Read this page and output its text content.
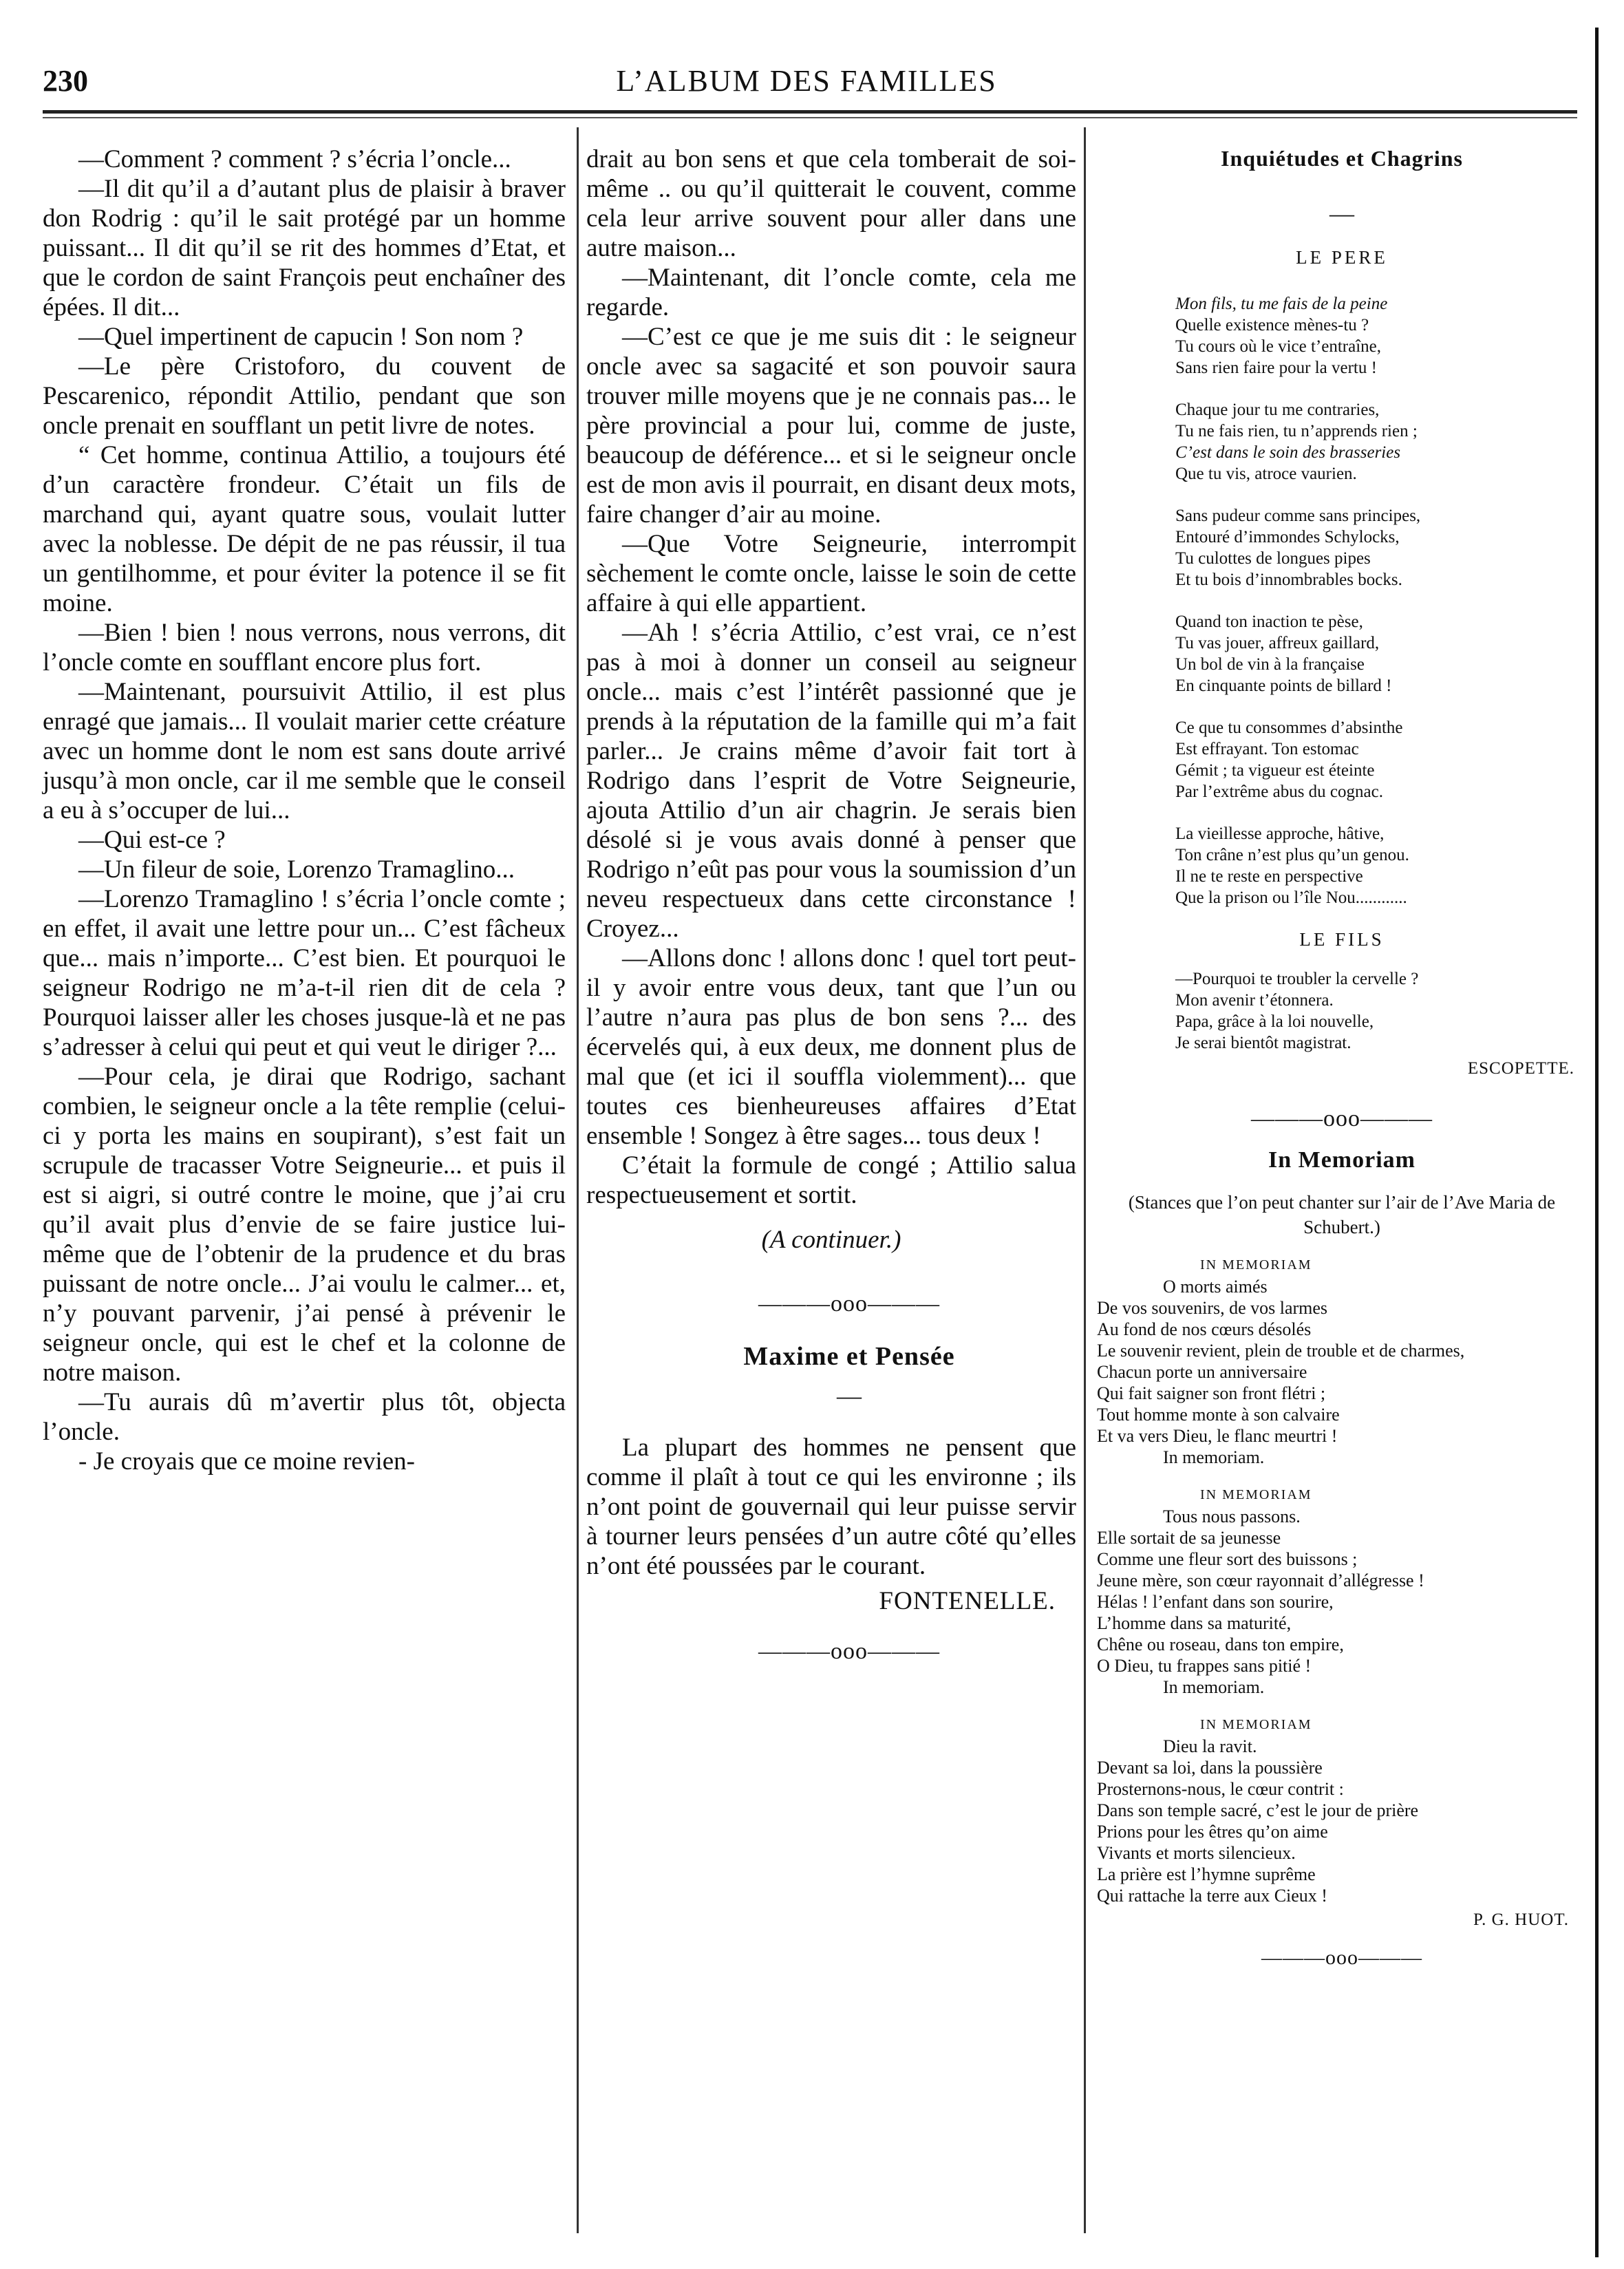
230	L’ALBUM DES FAMILLES

—Comment ? comment ? s’écria l’oncle...

—Il dit qu’il a d’autant plus de plaisir à braver don Rodrig : qu’il le sait protégé par un homme puissant... Il dit qu’il se rit des hommes d’Etat, et que le cordon de saint François peut enchaîner des épées. Il dit...

—Quel impertinent de capucin ! Son nom ?

—Le père Cristoforo, du couvent de Pescarenico, répondit Attilio, pendant que son oncle prenait en soufflant un petit livre de notes.

“ Cet homme, continua Attilio, a toujours été d’un caractère frondeur. C’était un fils de marchand qui, ayant quatre sous, voulait lutter avec la noblesse. De dépit de ne pas réussir, il tua un gentilhomme, et pour éviter la potence il se fit moine.

—Bien ! bien ! nous verrons, nous verrons, dit l’oncle comte en soufflant encore plus fort.

—Maintenant, poursuivit Attilio, il est plus enragé que jamais... Il voulait marier cette créature avec un homme dont le nom est sans doute arrivé jusqu’à mon oncle, car il me semble que le conseil a eu à s’occuper de lui...

—Qui est-ce ?

—Un fileur de soie, Lorenzo Tramaglino...

—Lorenzo Tramaglino ! s’écria l’oncle comte ; en effet, il avait une lettre pour un... C’est fâcheux que... mais n’importe... C’est bien. Et pourquoi le seigneur Rodrigo ne m’a-t-il rien dit de cela ? Pourquoi laisser aller les choses jusque-là et ne pas s’adresser à celui qui peut et qui veut le diriger ?...

—Pour cela, je dirai que Rodrigo, sachant combien, le seigneur oncle a la tête remplie (celui-ci y porta les mains en soupirant), s’est fait un scrupule de tracasser Votre Seigneurie... et puis il est si aigri, si outré contre le moine, que j’ai cru qu’il avait plus d’envie de se faire justice lui-même que de l’obtenir de la prudence et du bras puissant de notre oncle... J’ai voulu le calmer... et, n’y pouvant parvenir, j’ai pensé à prévenir le seigneur oncle, qui est le chef et la colonne de notre maison.

—Tu aurais dû m’avertir plus tôt, objecta l’oncle.

- Je croyais que ce moine revien-

drait au bon sens et que cela tomberait de soi-même .. ou qu’il quitterait le couvent, comme cela leur arrive souvent pour aller dans une autre maison...

—Maintenant, dit l’oncle comte, cela me regarde.

—C’est ce que je me suis dit : le seigneur oncle avec sa sagacité et son pouvoir saura trouver mille moyens que je ne connais pas... le père provincial a pour lui, comme de juste, beaucoup de déférence... et si le seigneur oncle est de mon avis il pourrait, en disant deux mots, faire changer d’air au moine.

—Que Votre Seigneurie, interrompit sèchement le comte oncle, laisse le soin de cette affaire à qui elle appartient.

—Ah ! s’écria Attilio, c’est vrai, ce n’est pas à moi à donner un conseil au seigneur oncle... mais c’est l’intérêt passionné que je prends à la réputation de la famille qui m’a fait parler... Je crains même d’avoir fait tort à Rodrigo dans l’esprit de Votre Seigneurie, ajouta Attilio d’un air chagrin. Je serais bien désolé si je vous avais donné à penser que Rodrigo n’eût pas pour vous la soumission d’un neveu respectueux dans cette circonstance ! Croyez...

—Allons donc ! allons donc ! quel tort peut-il y avoir entre vous deux, tant que l’un ou l’autre n’aura pas plus de bon sens ?... des écervelés qui, à eux deux, me donnent plus de mal que (et ici il souffla violemment)... que toutes ces bienheureuses affaires d’Etat ensemble ! Songez à être sages... tous deux !

C’était la formule de congé ; Attilio salua respectueusement et sortit.

(A continuer.)

———ooo———

Maxime et Pensée

—

La plupart des hommes ne pensent que comme il plaît à tout ce qui les environne ; ils n’ont point de gouvernail qui leur puisse servir à tourner leurs pensées d’un autre côté qu’elles n’ont été poussées par le courant.

FONTENELLE.

———ooo———

Inquiétudes et Chagrins

—

LE PERE

Mon fils, tu me fais de la peine
Quelle existence mènes-tu ?
Tu cours où le vice t’entraîne,
Sans rien faire pour la vertu !
Chaque jour tu me contraries,
Tu ne fais rien, tu n’apprends rien ;
C’est dans le soin des brasseries
Que tu vis, atroce vaurien.
Sans pudeur comme sans principes,
Entouré d’immondes Schylocks,
Tu culottes de longues pipes
Et tu bois d’innombrables bocks.
Quand ton inaction te pèse,
Tu vas jouer, affreux gaillard,
Un bol de vin à la française
En cinquante points de billard !
Ce que tu consommes d’absinthe
Est effrayant. Ton estomac
Gémit ; ta vigueur est éteinte
Par l’extrême abus du cognac.
La vieillesse approche, hâtive,
Ton crâne n’est plus qu’un genou.
Il ne te reste en perspective
Que la prison ou l’île Nou............

LE FILS

—Pourquoi te troubler la cervelle ?
Mon avenir t’étonnera.
Papa, grâce à la loi nouvelle,
Je serai bientôt magistrat.

ESCOPETTE.

———ooo———

In Memoriam

(Stances que l’on peut chanter sur l’air de l’Ave Maria de Schubert.)

IN MEMORIAM
O morts aimés
De vos souvenirs, de vos larmes
Au fond de nos cœurs désolés
Le souvenir revient, plein de trouble et de charmes,
Chacun porte un anniversaire
Qui fait saigner son front flétri ;
Tout homme monte à son calvaire
Et va vers Dieu, le flanc meurtri !
In memoriam.
IN MEMORIAM
Tous nous passons.
Elle sortait de sa jeunesse
Comme une fleur sort des buissons ;
Jeune mère, son cœur rayonnait d’allégresse !
Hélas ! l’enfant dans son sourire,
L’homme dans sa maturité,
Chêne ou roseau, dans ton empire,
O Dieu, tu frappes sans pitié !
In memoriam.
IN MEMORIAM
Dieu la ravit.
Devant sa loi, dans la poussière
Prosternons-nous, le cœur contrit :
Dans son temple sacré, c’est le jour de prière
Prions pour les êtres qu’on aime
Vivants et morts silencieux.
La prière est l’hymne suprême
Qui rattache la terre aux Cieux !

P. G. HUOT.

———ooo———
